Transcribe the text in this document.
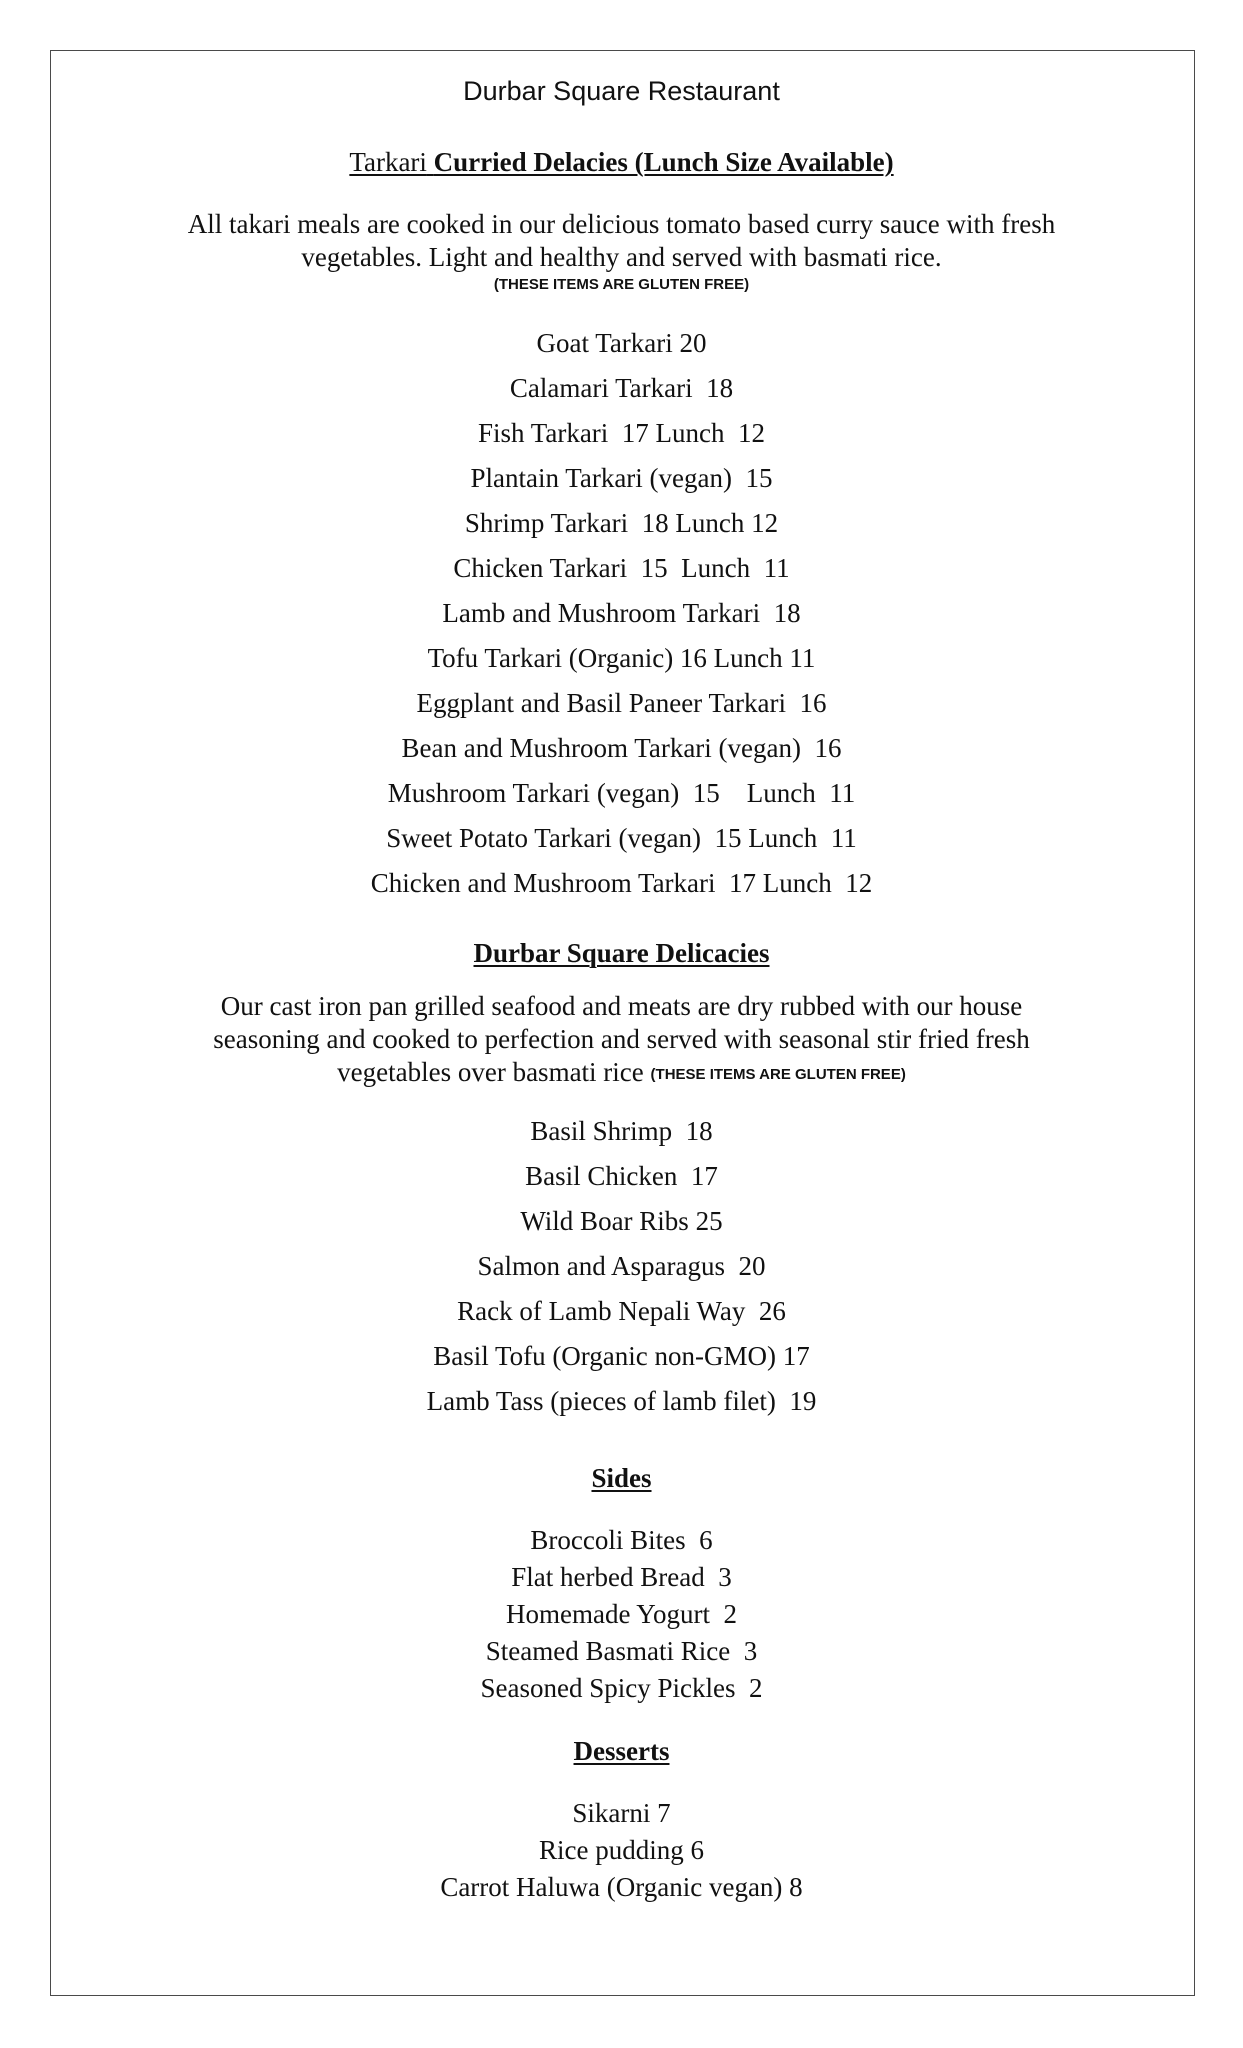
Durbar Square Restaurant
Tarkari Curried Delacies (Lunch Size Available)
All takari meals are cooked in our delicious tomato based curry sauce with fresh
vegetables. Light and healthy and served with basmati rice.
(THESE ITEMS ARE GLUTEN FREE)
Goat Tarkari 20
Calamari Tarkari  18
Fish Tarkari  17 Lunch  12
Plantain Tarkari (vegan)  15
Shrimp Tarkari  18 Lunch 12
Chicken Tarkari  15  Lunch  11
Lamb and Mushroom Tarkari  18
Tofu Tarkari (Organic) 16 Lunch 11
Eggplant and Basil Paneer Tarkari  16
Bean and Mushroom Tarkari (vegan)  16
Mushroom Tarkari (vegan)  15    Lunch  11
Sweet Potato Tarkari (vegan)  15 Lunch  11
Chicken and Mushroom Tarkari  17 Lunch  12
Durbar Square Delicacies
Our cast iron pan grilled seafood and meats are dry rubbed with our house
seasoning and cooked to perfection and served with seasonal stir fried fresh
vegetables over basmati rice (THESE ITEMS ARE GLUTEN FREE)
Basil Shrimp  18
Basil Chicken  17
Wild Boar Ribs 25
Salmon and Asparagus  20
Rack of Lamb Nepali Way  26
Basil Tofu (Organic non-GMO) 17
Lamb Tass (pieces of lamb filet)  19
Sides
Broccoli Bites  6
Flat herbed Bread  3
Homemade Yogurt  2
Steamed Basmati Rice  3
Seasoned Spicy Pickles  2
Desserts
Sikarni 7
Rice pudding 6
Carrot Haluwa (Organic vegan) 8
